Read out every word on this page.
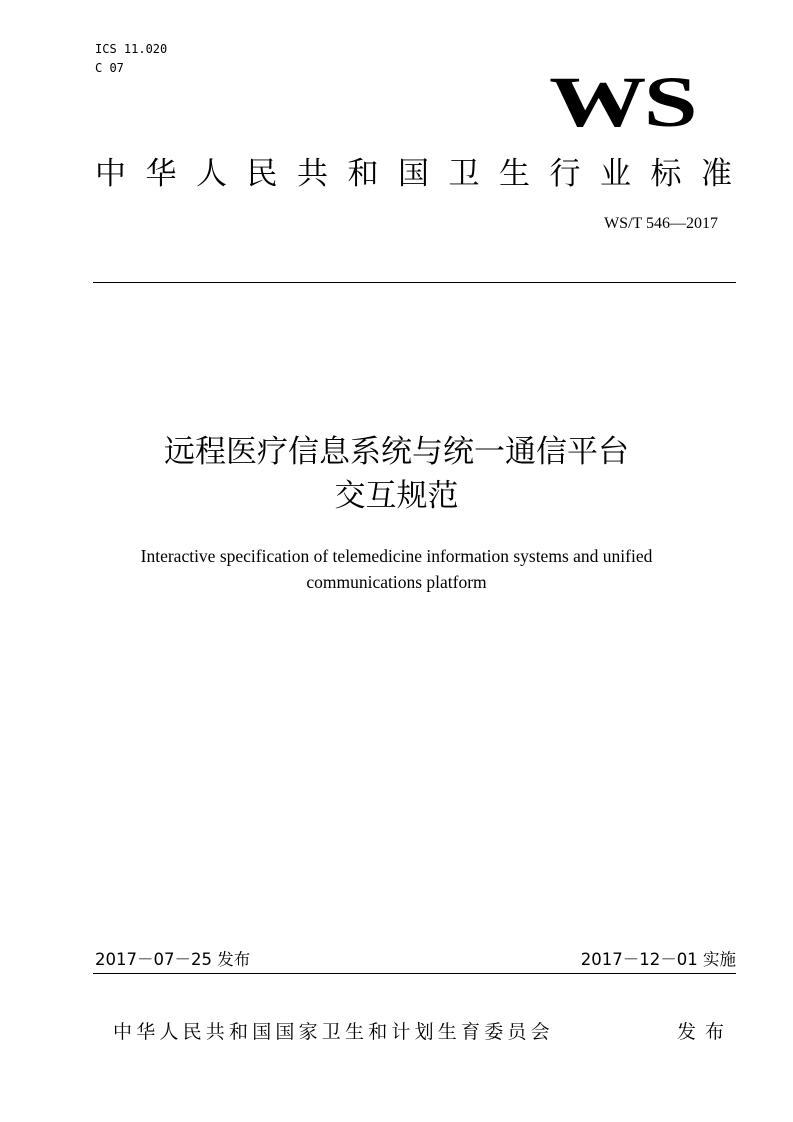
ICS 11.020
C 07	WS
中华人民共和国卫生行业标准
WS/T 546—2017
远程医疗信息系统与统一通信平台
交互规范
Interactive specification of telemedicine information systems and unified
communications platform
2017－07－25 发布	2017－12－01 实施
中华人民共和国国家卫生和计划生育委员会	发布
